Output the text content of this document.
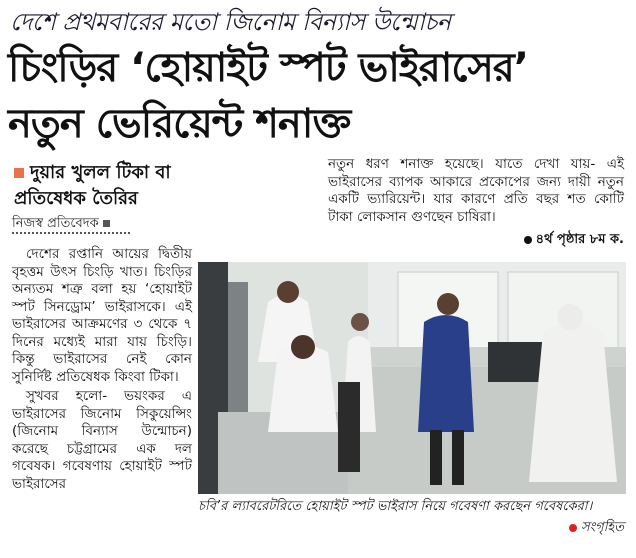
দেশে প্রথমবারের মতো জিনোম বিন্যাস উন্মোচন
চিংড়ির ‘হোয়াইট স্পট ভাইরাসের’
নতুন ভেরিয়েন্ট শনাক্ত
দুয়ার খুলল টিকা বা প্রতিষেধক তৈরির
নিজস্ব প্রতিবেদক

দেশের রপ্তানি আয়ের দ্বিতীয় বৃহত্তম উৎস চিংড়ি খাত। চিংড়ির অন্যতম শত্রু বলা হয় ‘হোয়াইট স্পট সিনড্রোম’ ভাইরাসকে। এই ভাইরাসের আক্রমণের ৩ থেকে ৭ দিনের মধ্যেই মারা যায় চিংড়ি। কিন্তু ভাইরাসের নেই কোন সুনির্দিষ্ট প্রতিষেধক কিংবা টিকা।

সুখবর হলো- ভয়ংকর এ ভাইরাসের জিনোম সিকুয়েন্সিং (জিনোম বিন্যাস উন্মোচন) করেছে চট্টগ্রামের এক দল গবেষক। গবেষণায় হোয়াইট স্পট ভাইরাসের

নতুন ধরণ শনাক্ত হয়েছে। যাতে দেখা যায়- এই ভাইরাসের ব্যাপক আকারে প্রকোপের জন্য দায়ী নতুন একটি ভ্যারিয়েন্ট। যার কারণে প্রতি বছর শত কোটি টাকা লোকসান গুণছেন চাষিরা।

৪র্থ পৃষ্ঠার ৮ম ক.
চবি’র ল্যাবরেটরিতে হোয়াইট স্পট ভাইরাস নিয়ে গবেষণা করছেন গবেষকেরা।
সংগৃহিত
